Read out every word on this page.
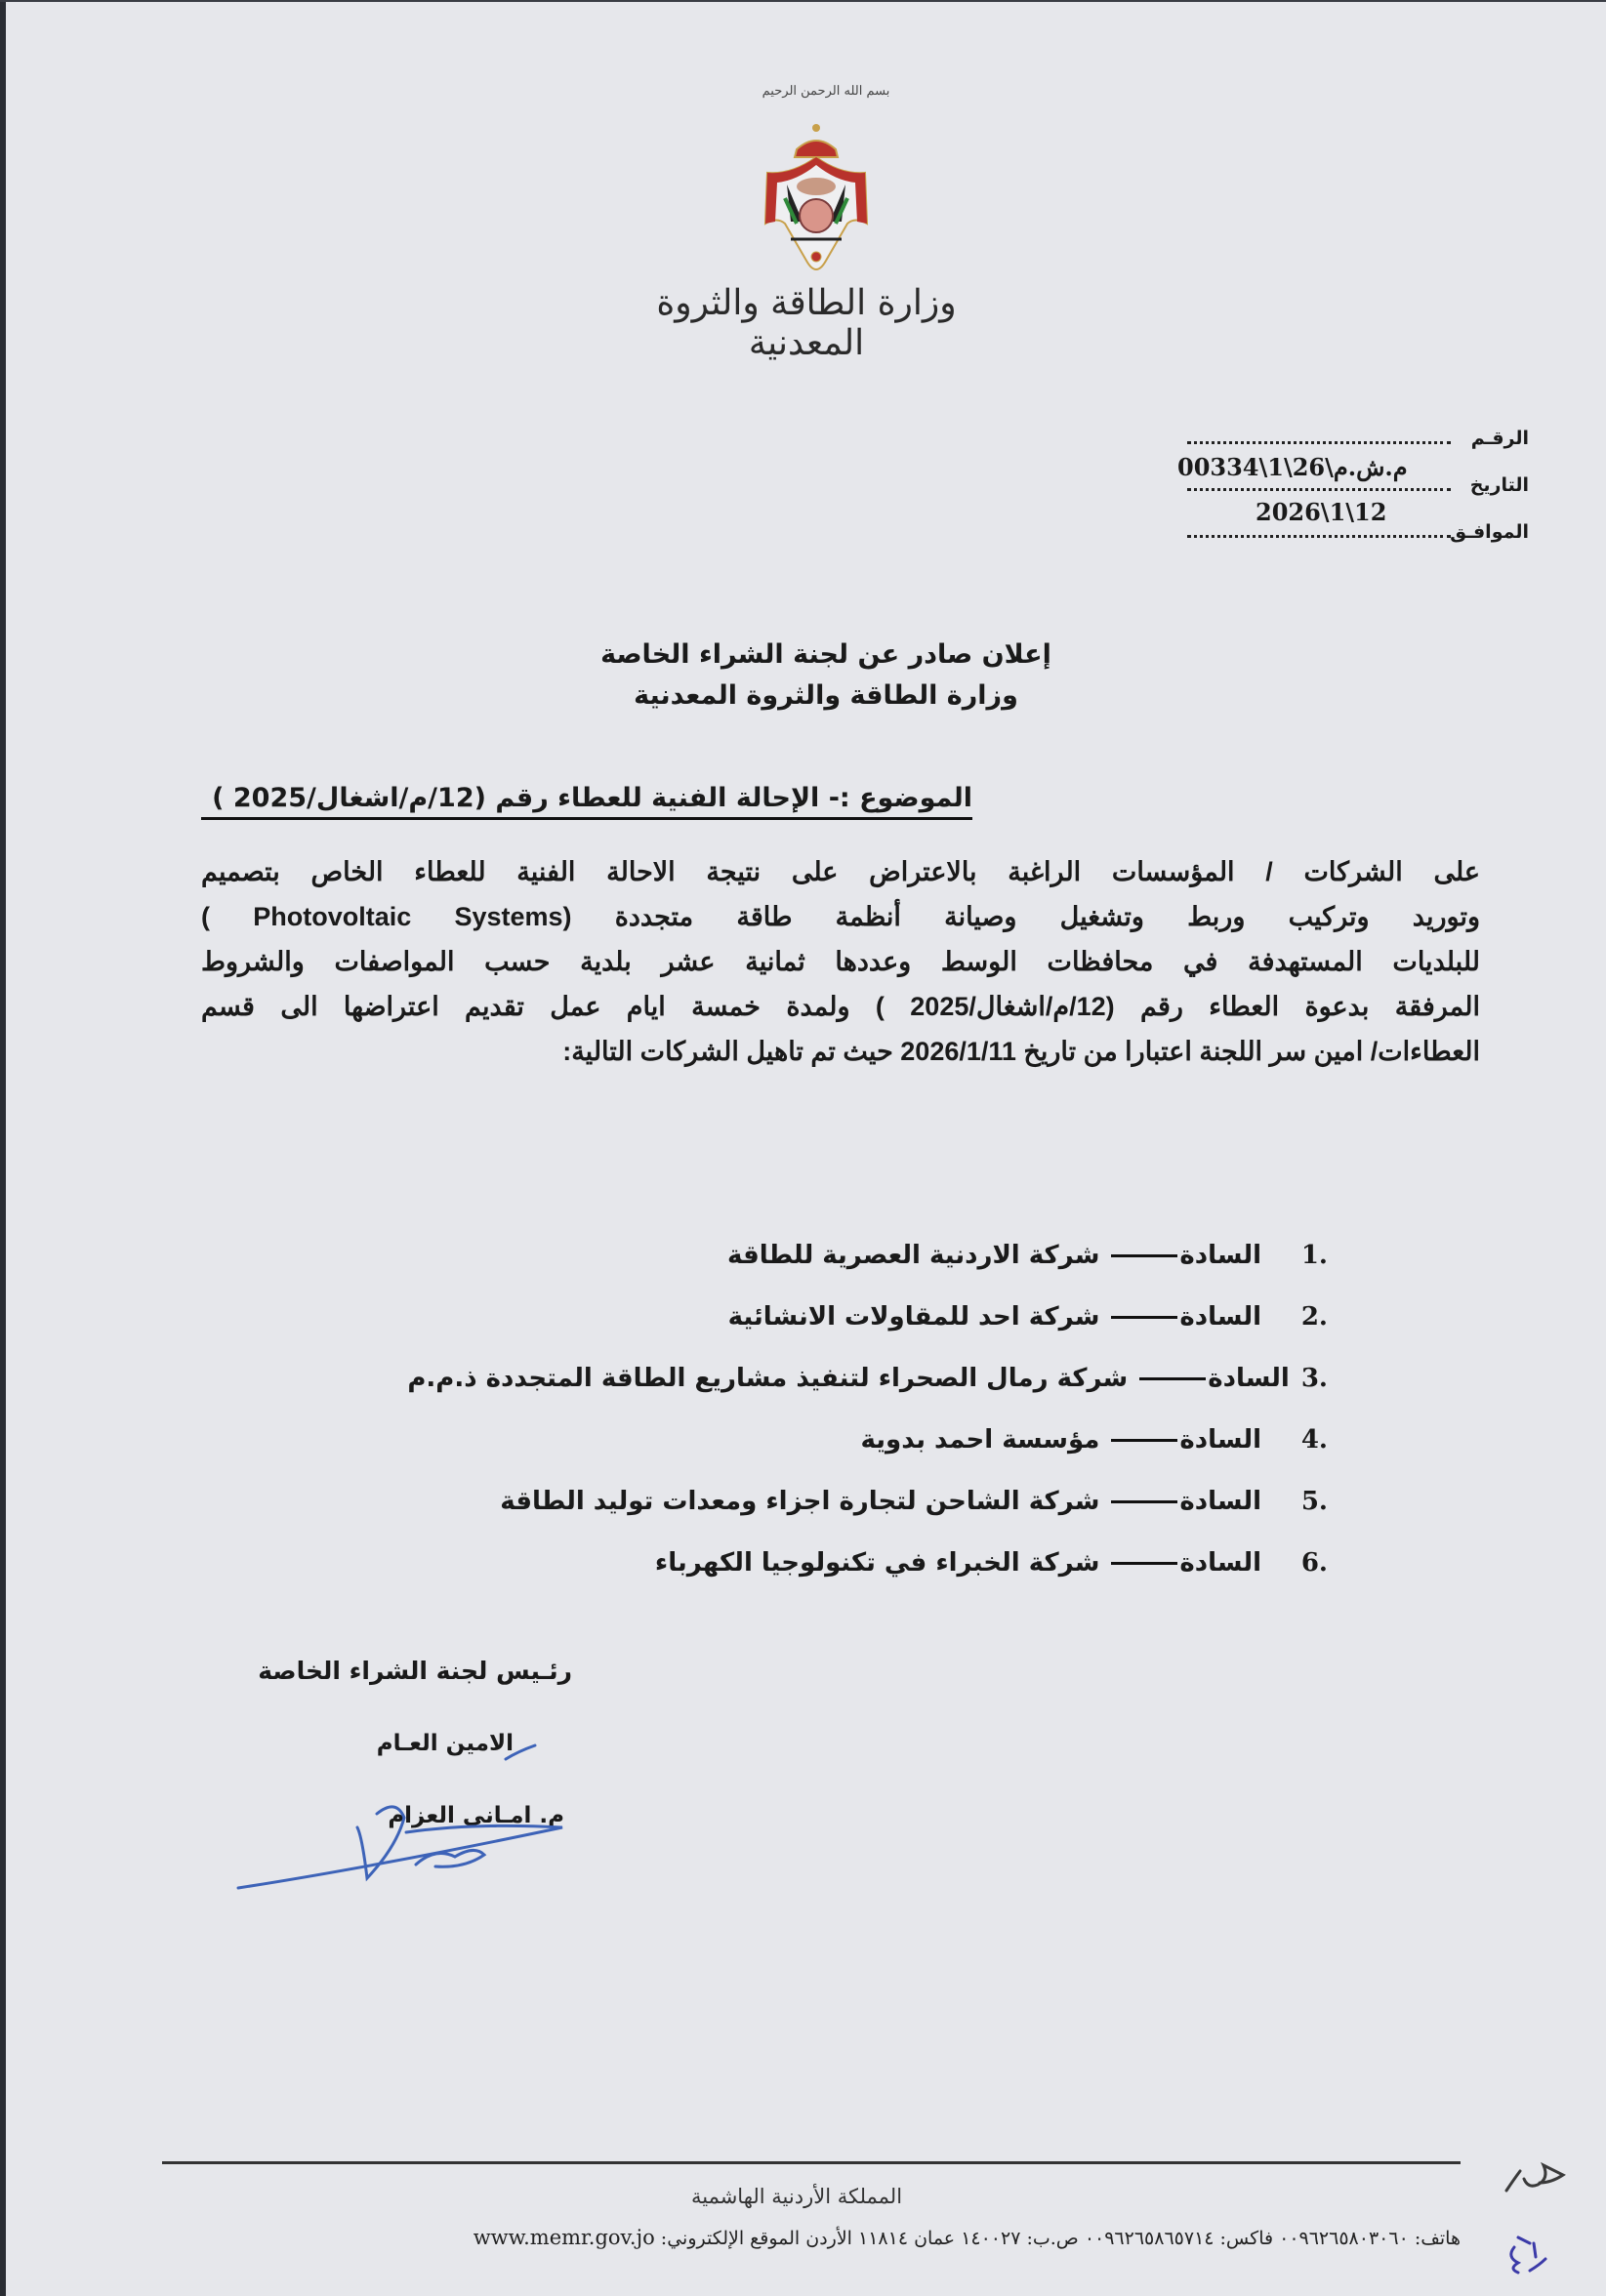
بسم الله الرحمن الرحيم
وزارة الطاقة والثروة المعدنية
الرقـم
م.ش.م\26\1\00334
التاريخ
2026\1\12
الموافـق
إعلان صادر عن لجنة الشراء الخاصة
وزارة الطاقة والثروة المعدنية
الموضوع :- الإحالة الفنية للعطاء رقم (12/م/اشغال/2025 )
على الشركات / المؤسسات الراغبة بالاعتراض على نتيجة الاحالة الفنية للعطاء الخاص بتصميم
وتوريد وتركيب وربط وتشغيل وصيانة أنظمة طاقة متجددة (Photovoltaic Systems )
للبلديات المستهدفة في محافظات الوسط وعددها ثمانية عشر بلدية حسب المواصفات والشروط
المرفقة بدعوة العطاء رقم (12/م/اشغال/2025 ) ولمدة خمسة ايام عمل تقديم اعتراضها الى قسم
العطاءات/ امين سر اللجنة اعتبارا من تاريخ 2026/1/11 حيث تم تاهيل الشركات التالية:
1.
السادة
شركة الاردنية العصرية للطاقة
2.
السادة
شركة احد للمقاولات الانشائية
3.
السادة
شركة رمال الصحراء لتنفيذ مشاريع الطاقة المتجددة ذ.م.م
4.
السادة
مؤسسة احمد بدوية
5.
السادة
شركة الشاحن لتجارة اجزاء ومعدات توليد الطاقة
6.
السادة
شركة الخبراء في تكنولوجيا الكهرباء
رئـيس لجنة الشراء الخاصة
الامين العـام
م. امـاني العزام
المملكة الأردنية الهاشمية
هاتف: ٠٠٩٦٢٦٥٨٠٣٠٦٠ فاكس: ٠٠٩٦٢٦٥٨٦٥٧١٤ ص.ب: ١٤٠٠٢٧ عمان ١١٨١٤ الأردن الموقع الإلكتروني: www.memr.gov.jo
